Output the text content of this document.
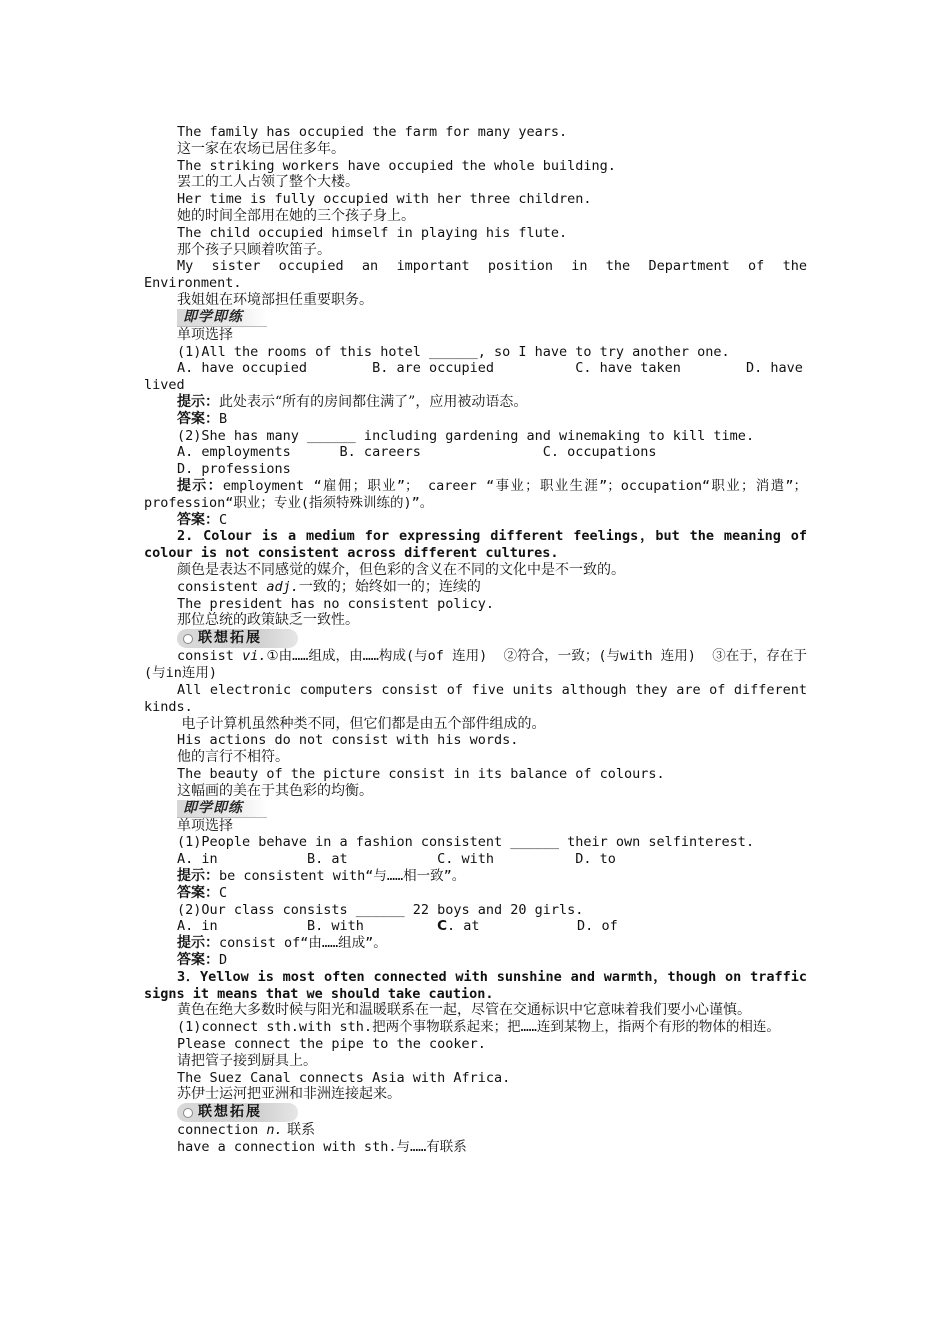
The family has occupied the farm for many years.
这一家在农场已居住多年。
The striking workers have occupied the whole building.
罢工的工人占领了整个大楼。
Her time is fully occupied with her three children.
她的时间全部用在她的三个孩子身上。
The child occupied himself in playing his flute.
那个孩子只顾着吹笛子。
My sister occupied an important position in the Department of the Environment.
我姐姐在环境部担任重要职务。
即学即练
单项选择
(1)All the rooms of this hotel ______, so I have to try another one.
A. have occupied        B. are occupied          C. have taken        D. have lived
提示：此处表示“所有的房间都住满了”，应用被动语态。
答案：B
(2)She has many ______ including gardening and winemaking to kill time.
A. employments      B. careers               C. occupations
D. professions
提示：employment “雇佣；职业”； career “事业；职业生涯”；occupation“职业；消遣”；profession“职业；专业(指须特殊训练的)”。
答案：C
2. Colour is a medium for expressing different feelings，but the meaning of colour is not consistent across different cultures.
颜色是表达不同感觉的媒介，但色彩的含义在不同的文化中是不一致的。
consistent adj.一致的；始终如一的；连续的
The president has no consistent policy.
那位总统的政策缺乏一致性。
联想拓展
consist vi.①由……组成，由……构成(与of 连用)  ②符合，一致；(与with 连用)  ③在于，存在于(与in连用)
All electronic computers consist of five units although they are of different kinds.
电子计算机虽然种类不同，但它们都是由五个部件组成的。
His actions do not consist with his words.
他的言行不相符。
The beauty of the picture consist in its balance of colours.
这幅画的美在于其色彩的均衡。
即学即练
单项选择
(1)People behave in a fashion consistent ______ their own selfinterest.
A. in           B. at           C. with          D. to
提示：be consistent with“与……相一致”。
答案：C
(2)Our class consists ______ 22 boys and 20 girls.
A. in           B. with         C. at            D. of
提示：consist of“由……组成”。
答案：D
3．Yellow is most often connected with sunshine and warmth，though on traffic signs it means that we should take caution.
黄色在绝大多数时候与阳光和温暖联系在一起，尽管在交通标识中它意味着我们要小心谨慎。
(1)connect sth.with sth.把两个事物联系起来；把……连到某物上，指两个有形的物体的相连。
Please connect the pipe to the cooker.
请把管子接到厨具上。
The Suez Canal connects Asia with Africa.
苏伊士运河把亚洲和非洲连接起来。
联想拓展
connection n. 联系
have a connection with sth.与……有联系
